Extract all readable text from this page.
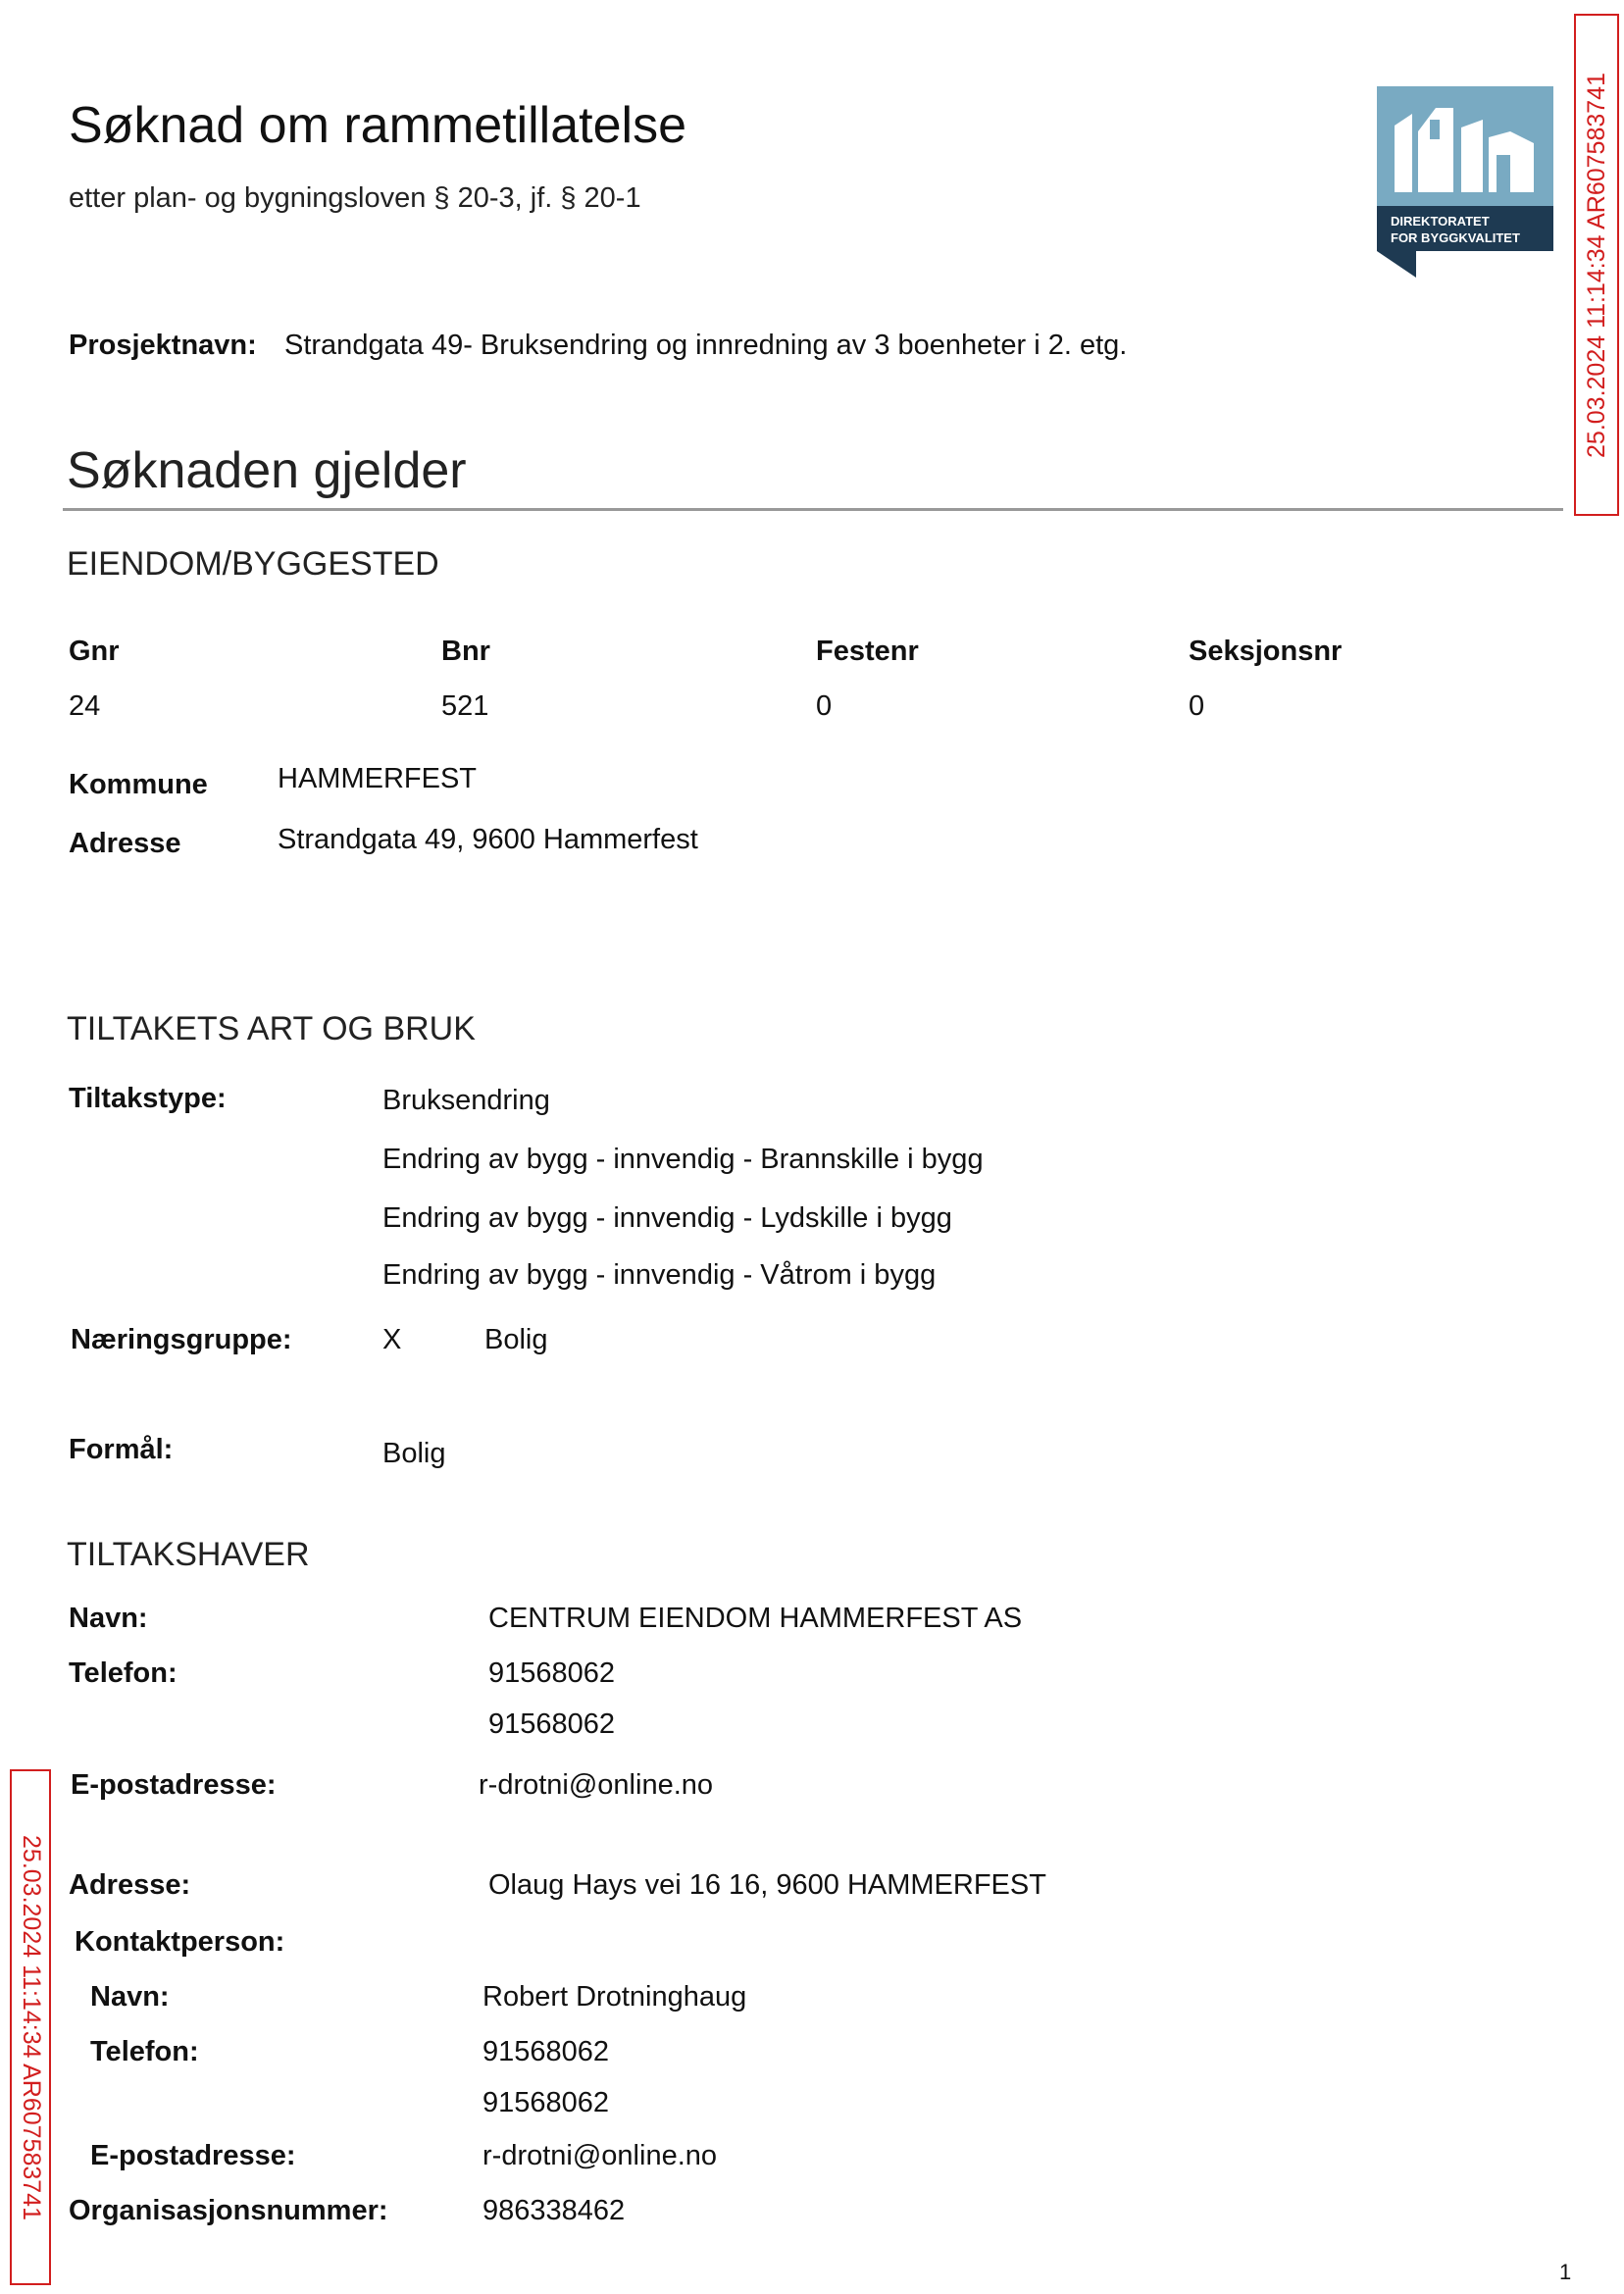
Søknad om rammetillatelse
etter plan- og bygningsloven § 20-3, jf. § 20-1
DIREKTORATET
FOR BYGGKVALITET	25.03.2024 11:14:34 AR607583741
25.03.2024 11:14:34 AR607583741
Prosjektnavn: Strandgata 49- Bruksendring og innredning av 3 boenheter i 2. etg.
Søknaden gjelder
EIENDOM/BYGGESTED
Gnr	Bnr	Festenr	Seksjonsnr
24	521	0	0
Kommune HAMMERFEST
Adresse	Strandgata 49, 9600 Hammerfest
TILTAKETS ART OG BRUK
Tiltakstype:	Bruksendring
Endring av bygg - innvendig - Brannskille i bygg
Endring av bygg - innvendig - Lydskille i bygg
Endring av bygg - innvendig - Våtrom i bygg
Næringsgruppe:	X	Bolig
Formål:	Bolig
TILTAKSHAVER
Navn:	CENTRUM EIENDOM HAMMERFEST AS
Telefon:	91568062
91568062
E-postadresse:	r-drotni@online.no
Adresse:	Olaug Hays vei 16 16, 9600 HAMMERFEST
Kontaktperson:
Navn:	Robert Drotninghaug
Telefon:	91568062
91568062
E-postadresse:	r-drotni@online.no
Organisasjonsnummer:	986338462
1
